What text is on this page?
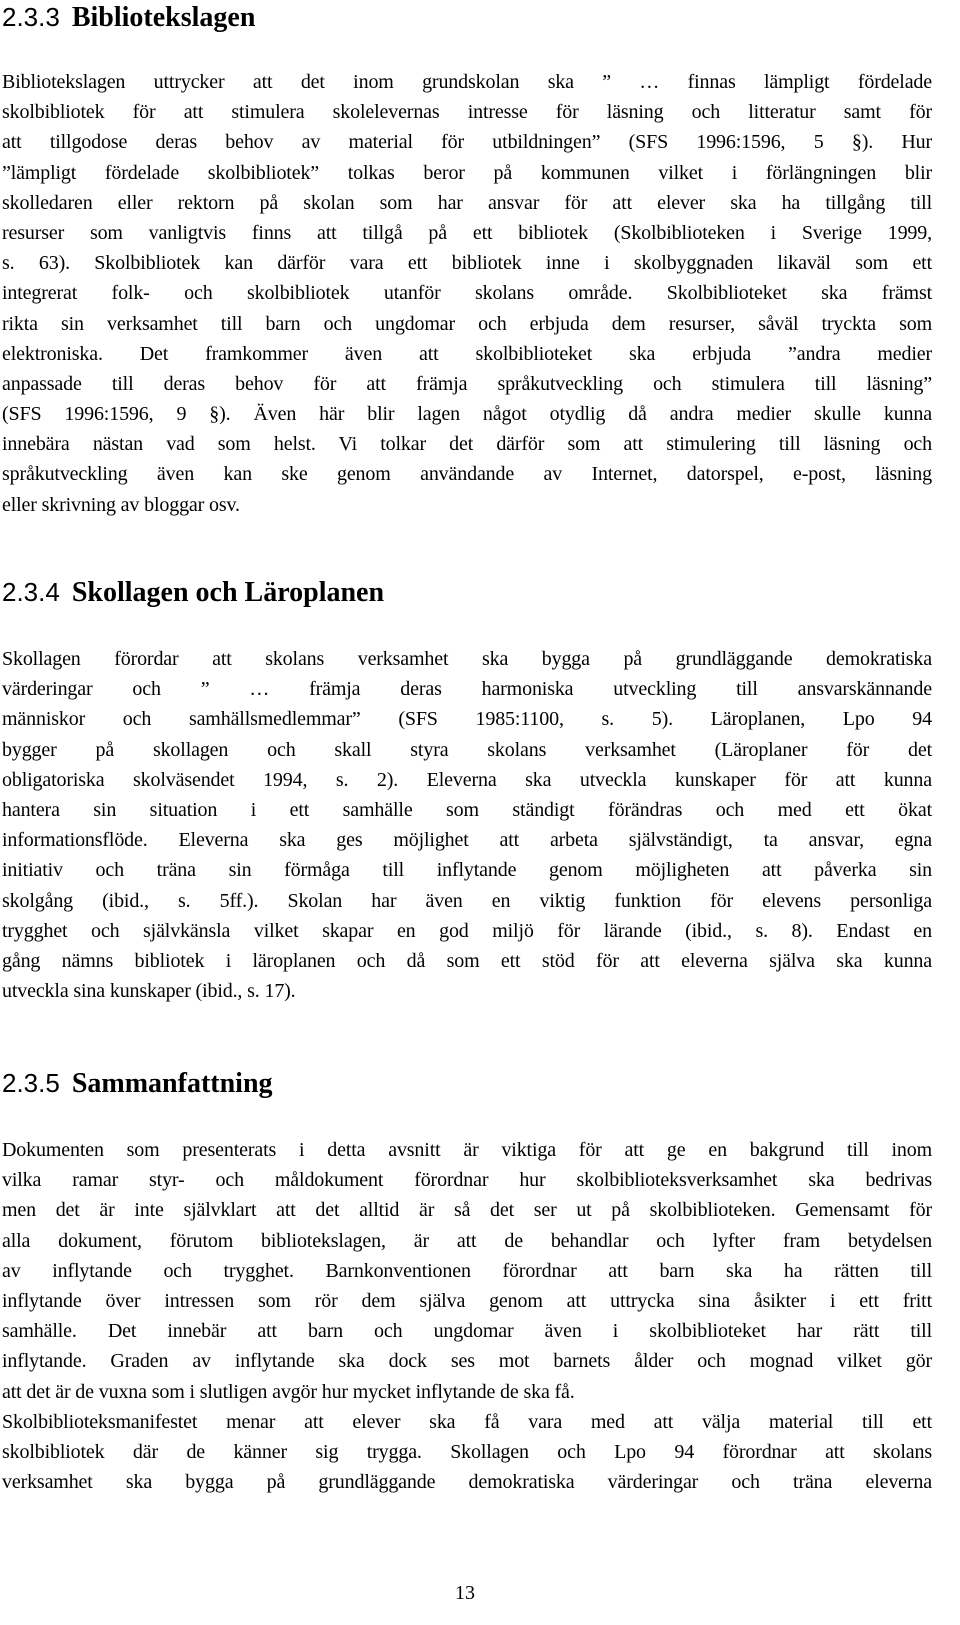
2.3.3 Bibliotekslagen
Bibliotekslagen uttrycker att det inom grundskolan ska ” … finnas lämpligt fördelade
skolbibliotek för att stimulera skolelevernas intresse för läsning och litteratur samt för
att tillgodose deras behov av material för utbildningen” (SFS 1996:1596, 5 §). Hur
”lämpligt fördelade skolbibliotek” tolkas beror på kommunen vilket i förlängningen blir
skolledaren eller rektorn på skolan som har ansvar för att elever ska ha tillgång till
resurser som vanligtvis finns att tillgå på ett bibliotek (Skolbiblioteken i Sverige 1999,
s. 63). Skolbibliotek kan därför vara ett bibliotek inne i skolbyggnaden likaväl som ett
integrerat folk- och skolbibliotek utanför skolans område. Skolbiblioteket ska främst
rikta sin verksamhet till barn och ungdomar och erbjuda dem resurser, såväl tryckta som
elektroniska. Det framkommer även att skolbiblioteket ska erbjuda ”andra medier
anpassade till deras behov för att främja språkutveckling och stimulera till läsning”
(SFS 1996:1596, 9 §). Även här blir lagen något otydlig då andra medier skulle kunna
innebära nästan vad som helst. Vi tolkar det därför som att stimulering till läsning och
språkutveckling även kan ske genom användande av Internet, datorspel, e-post, läsning
eller skrivning av bloggar osv.
2.3.4 Skollagen och Läroplanen
Skollagen förordar att skolans verksamhet ska bygga på grundläggande demokratiska
värderingar och ” … främja deras harmoniska utveckling till ansvarskännande
människor och samhällsmedlemmar” (SFS 1985:1100, s. 5). Läroplanen, Lpo 94
bygger på skollagen och skall styra skolans verksamhet (Läroplaner för det
obligatoriska skolväsendet 1994, s. 2). Eleverna ska utveckla kunskaper för att kunna
hantera sin situation i ett samhälle som ständigt förändras och med ett ökat
informationsflöde. Eleverna ska ges möjlighet att arbeta självständigt, ta ansvar, egna
initiativ och träna sin förmåga till inflytande genom möjligheten att påverka sin
skolgång (ibid., s. 5ff.). Skolan har även en viktig funktion för elevens personliga
trygghet och självkänsla vilket skapar en god miljö för lärande (ibid., s. 8). Endast en
gång nämns bibliotek i läroplanen och då som ett stöd för att eleverna själva ska kunna
utveckla sina kunskaper (ibid., s. 17).
2.3.5 Sammanfattning
Dokumenten som presenterats i detta avsnitt är viktiga för att ge en bakgrund till inom
vilka ramar styr- och måldokument förordnar hur skolbiblioteksverksamhet ska bedrivas
men det är inte självklart att det alltid är så det ser ut på skolbiblioteken. Gemensamt för
alla dokument, förutom bibliotekslagen, är att de behandlar och lyfter fram betydelsen
av inflytande och trygghet. Barnkonventionen förordnar att barn ska ha rätten till
inflytande över intressen som rör dem själva genom att uttrycka sina åsikter i ett fritt
samhälle. Det innebär att barn och ungdomar även i skolbiblioteket har rätt till
inflytande. Graden av inflytande ska dock ses mot barnets ålder och mognad vilket gör
att det är de vuxna som i slutligen avgör hur mycket inflytande de ska få.
Skolbiblioteksmanifestet menar att elever ska få vara med att välja material till ett
skolbibliotek där de känner sig trygga. Skollagen och Lpo 94 förordnar att skolans
verksamhet ska bygga på grundläggande demokratiska värderingar och träna eleverna
13
